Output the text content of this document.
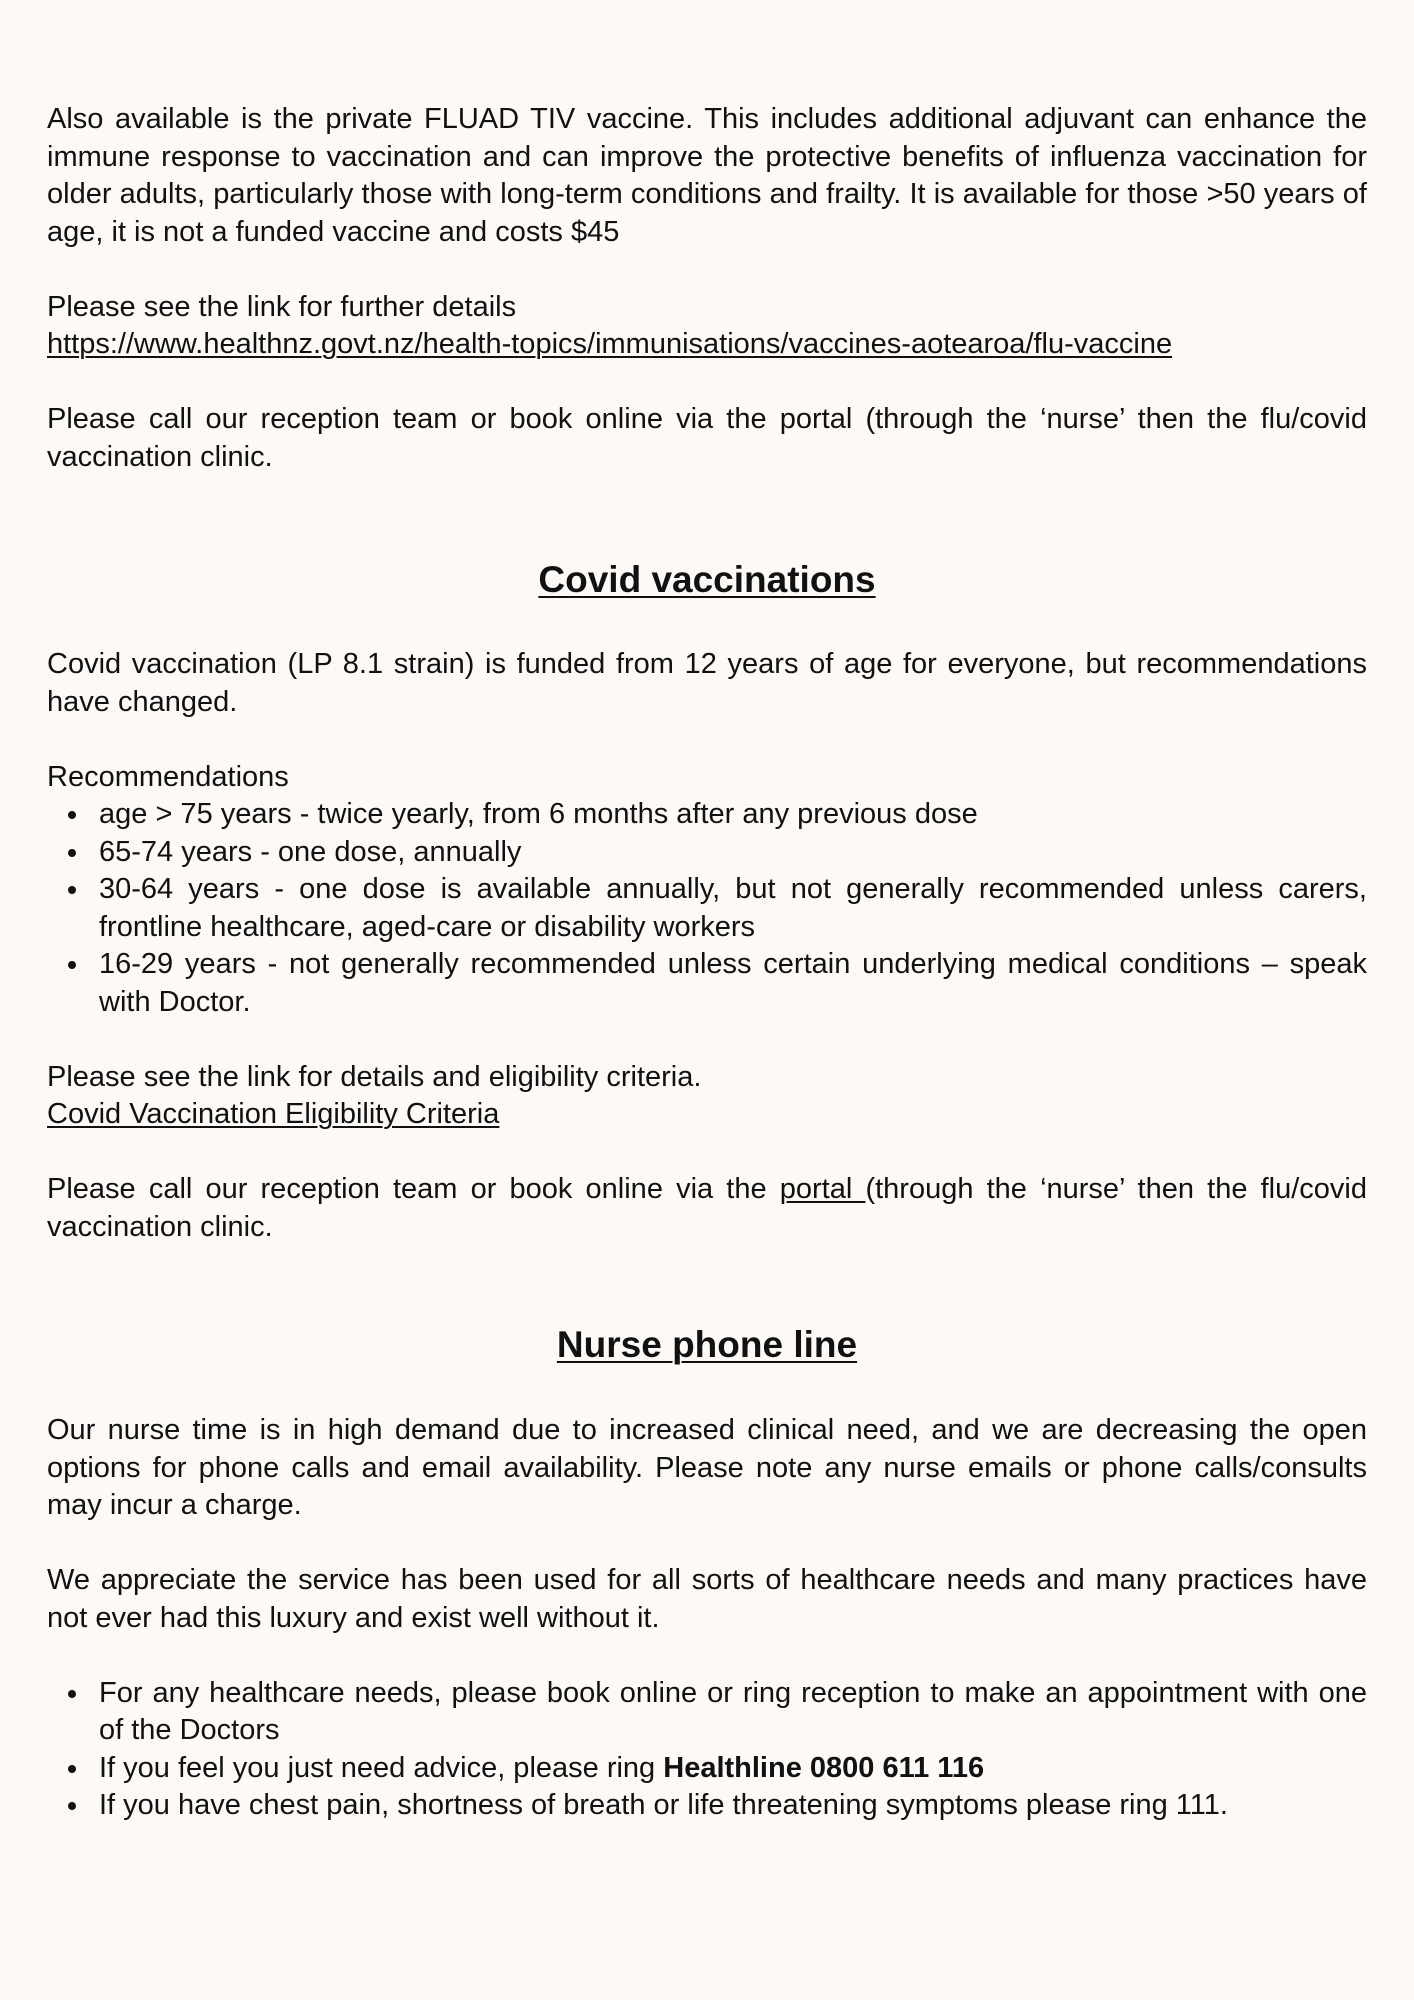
Also available is the private FLUAD TIV vaccine. This includes additional adjuvant can enhance the immune response to vaccination and can improve the protective benefits of influenza vaccination for older adults, particularly those with long-term conditions and frailty. It is available for those >50 years of age, it is not a funded vaccine and costs $45

Please see the link for further details

https://www.healthnz.govt.nz/health-topics/immunisations/vaccines-aotearoa/flu-vaccine

Please call our reception team or book online via the portal (through the ‘nurse’ then the flu/covid vaccination clinic.

Covid vaccinations

Covid vaccination (LP 8.1 strain) is funded from 12 years of age for everyone, but recommendations have changed.

Recommendations

age > 75 years - twice yearly, from 6 months after any previous dose
65-74 years - one dose, annually
30-64 years - one dose is available annually, but not generally recommended unless carers, frontline healthcare, aged-care or disability workers
16-29 years - not generally recommended unless certain underlying medical conditions – speak with Doctor.

Please see the link for details and eligibility criteria.

Covid Vaccination Eligibility Criteria

Please call our reception team or book online via the portal (through the ‘nurse’ then the flu/covid vaccination clinic.

Nurse phone line

Our nurse time is in high demand due to increased clinical need, and we are decreasing the open options for phone calls and email availability. Please note any nurse emails or phone calls/consults may incur a charge.

We appreciate the service has been used for all sorts of healthcare needs and many practices have not ever had this luxury and exist well without it.

For any healthcare needs, please book online or ring reception to make an appointment with one of the Doctors
If you feel you just need advice, please ring Healthline 0800 611 116
If you have chest pain, shortness of breath or life threatening symptoms please ring 111.
